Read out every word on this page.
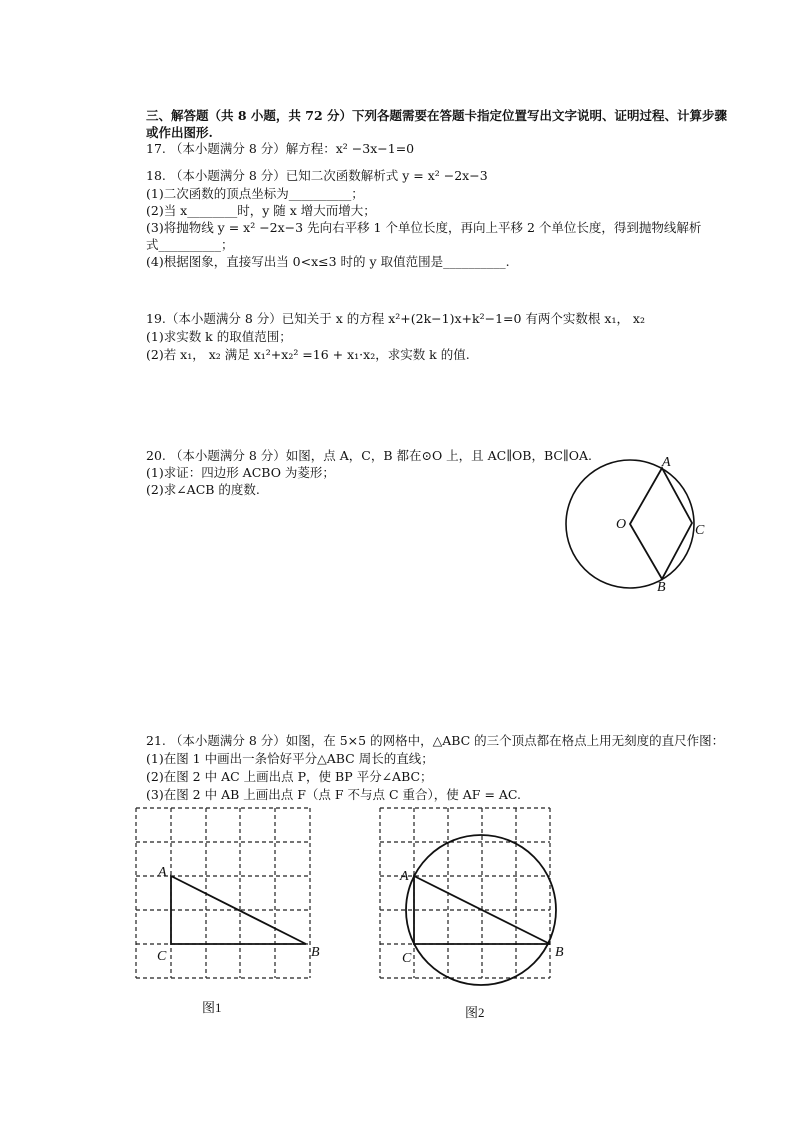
三、解答题（共 8 小题，共 72 分）下列各题需要在答题卡指定位置写出文字说明、证明过程、计算步骤
或作出图形.
17. （本小题满分 8 分）解方程：x² −3x−1=0
18. （本小题满分 8 分）已知二次函数解析式 y = x² −2x−3
(1)二次函数的顶点坐标为__________；
(2)当 x________时，y 随 x 增大而增大；
(3)将抛物线 y = x² −2x−3 先向右平移 1 个单位长度，再向上平移 2 个单位长度，得到抛物线解析
式__________；
(4)根据图象，直接写出当 0<x≤3 时的 y 取值范围是__________.
19.（本小题满分 8 分）已知关于 x 的方程 x²+(2k−1)x+k²−1=0 有两个实数根 x₁， x₂
(1)求实数 k 的取值范围；
(2)若 x₁， x₂ 满足 x₁²+x₂² =16 + x₁·x₂，求实数 k 的值.
20. （本小题满分 8 分）如图，点 A，C，B 都在⊙O 上，且 AC∥OB，BC∥OA.
(1)求证：四边形 ACBO 为菱形；
(2)求∠ACB 的度数.
A
O	C
B
21. （本小题满分 8 分）如图，在 5×5 的网格中，△ABC 的三个顶点都在格点上用无刻度的直尺作图：
(1)在图 1 中画出一条恰好平分△ABC 周长的直线；
(2)在图 2 中 AC 上画出点 P，使 BP 平分∠ABC；
(3)在图 2 中 AB 上画出点 F（点 F 不与点 C 重合），使 AF = AC.
A
B
C
图1
A
B
C
图2
